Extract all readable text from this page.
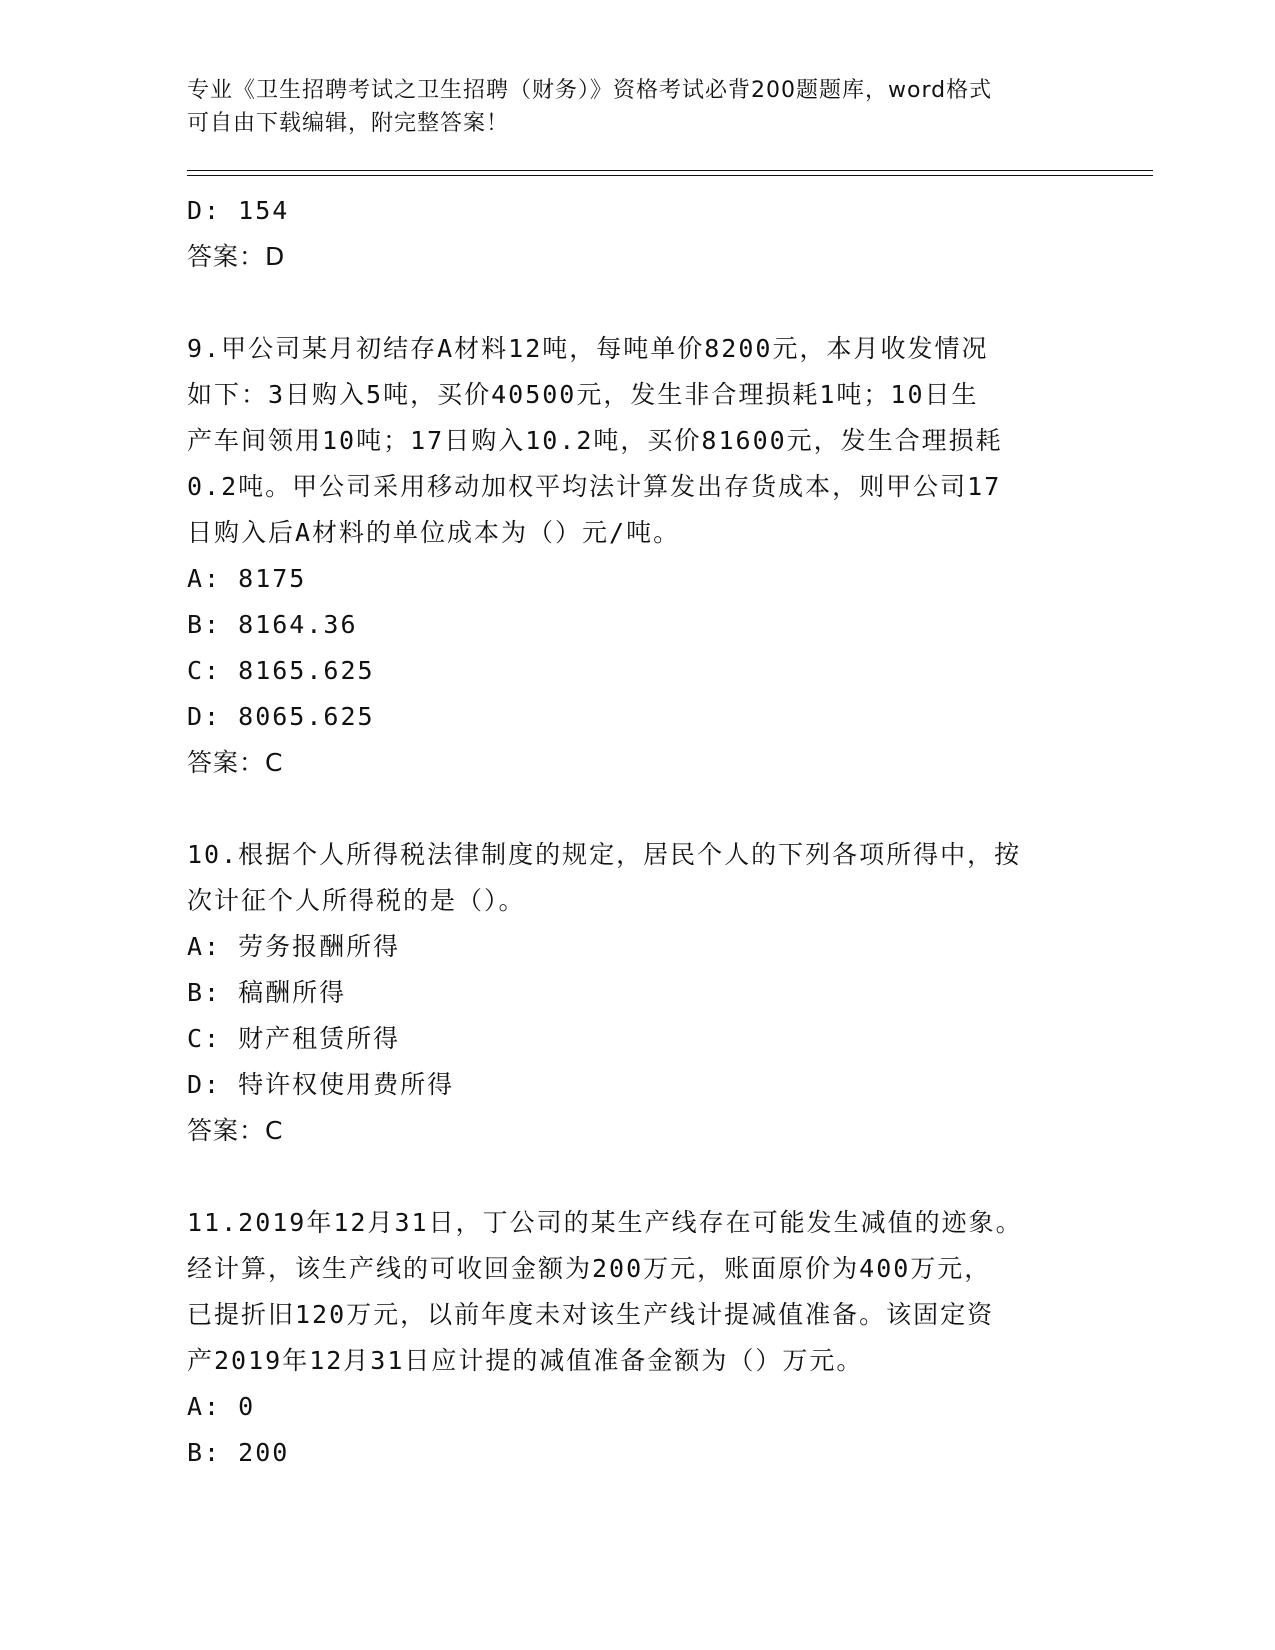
专业《卫生招聘考试之卫生招聘（财务）》资格考试必背200题题库，word格式
可自由下载编辑，附完整答案！
D: 154
答案：D
9.甲公司某月初结存A材料12吨，每吨单价8200元，本月收发情况
如下：3日购入5吨，买价40500元，发生非合理损耗1吨；10日生
产车间领用10吨；17日购入10.2吨，买价81600元，发生合理损耗
0.2吨。甲公司采用移动加权平均法计算发出存货成本，则甲公司17
日购入后A材料的单位成本为（）元/吨。
A: 8175
B: 8164.36
C: 8165.625
D: 8065.625
答案：C
10.根据个人所得税法律制度的规定，居民个人的下列各项所得中，按
次计征个人所得税的是（）。
A: 劳务报酬所得
B: 稿酬所得
C: 财产租赁所得
D: 特许权使用费所得
答案：C
11.2019年12月31日，丁公司的某生产线存在可能发生减值的迹象。
经计算，该生产线的可收回金额为200万元，账面原价为400万元，
已提折旧120万元，以前年度未对该生产线计提减值准备。该固定资
产2019年12月31日应计提的减值准备金额为（）万元。
A: 0
B: 200
